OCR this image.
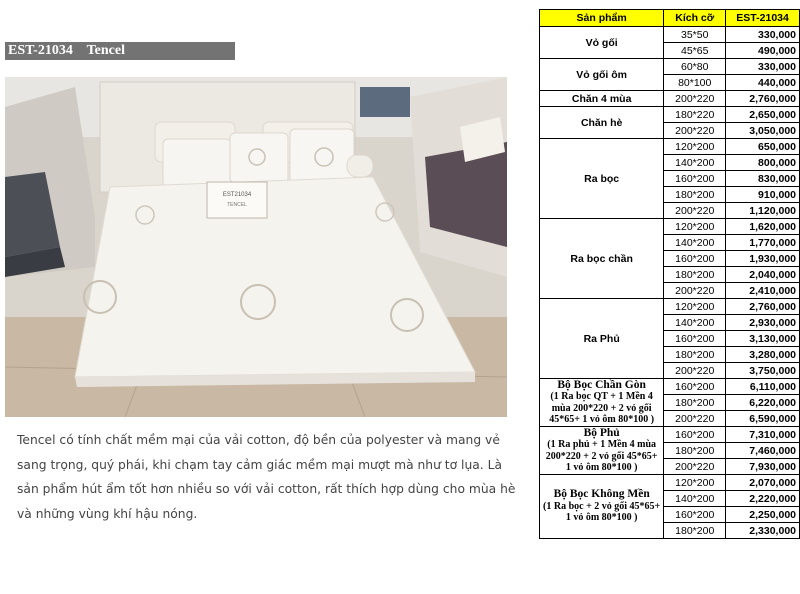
EST-21034    Tencel
EST21034
TENCEL
Tencel có tính chất mềm mại của vải cotton, độ bền của polyester và mang vẻ sang trọng, quý phái, khi chạm tay cảm giác mềm mại mượt mà như tơ lụa. Là sản phẩm hút ẩm tốt hơn nhiều so với vải cotton, rất thích hợp dùng cho mùa hè và những vùng khí hậu nóng.
Sản phẩm	Kích cỡ	EST-21034
Vỏ gối	35*50	330,000
	45*65	490,000
Vỏ gối ôm	60*80	330,000
	80*100	440,000
Chăn 4 mùa	200*220	2,760,000
Chăn hè	180*220	2,650,000
	200*220	3,050,000
Ra bọc	120*200	650,000
	140*200	800,000
	160*200	830,000
	180*200	910,000
	200*220	1,120,000
Ra bọc chần	120*200	1,620,000
	140*200	1,770,000
	160*200	1,930,000
	180*200	2,040,000
	200*220	2,410,000
Ra Phủ	120*200	2,760,000
	140*200	2,930,000
	160*200	3,130,000
	180*200	3,280,000
	200*220	3,750,000
Bộ Bọc Chần Gòn
(1 Ra bọc QT + 1 Mền 4 mùa 200*220 + 2 vỏ gối 45*65+ 1 vỏ ôm 80*100 )	160*200	6,110,000
	180*200	6,220,000
	200*220	6,590,000
Bộ Phủ
(1 Ra phủ + 1 Mền 4 mùa 200*220 + 2 vỏ gối 45*65+ 1 vỏ ôm 80*100 )	160*200	7,310,000
	180*200	7,460,000
	200*220	7,930,000
Bộ Bọc Không Mền
(1 Ra bọc + 2 vỏ gối 45*65+ 1 vỏ ôm 80*100 )	120*200	2,070,000
	140*200	2,220,000
	160*200	2,250,000
	180*200	2,330,000
